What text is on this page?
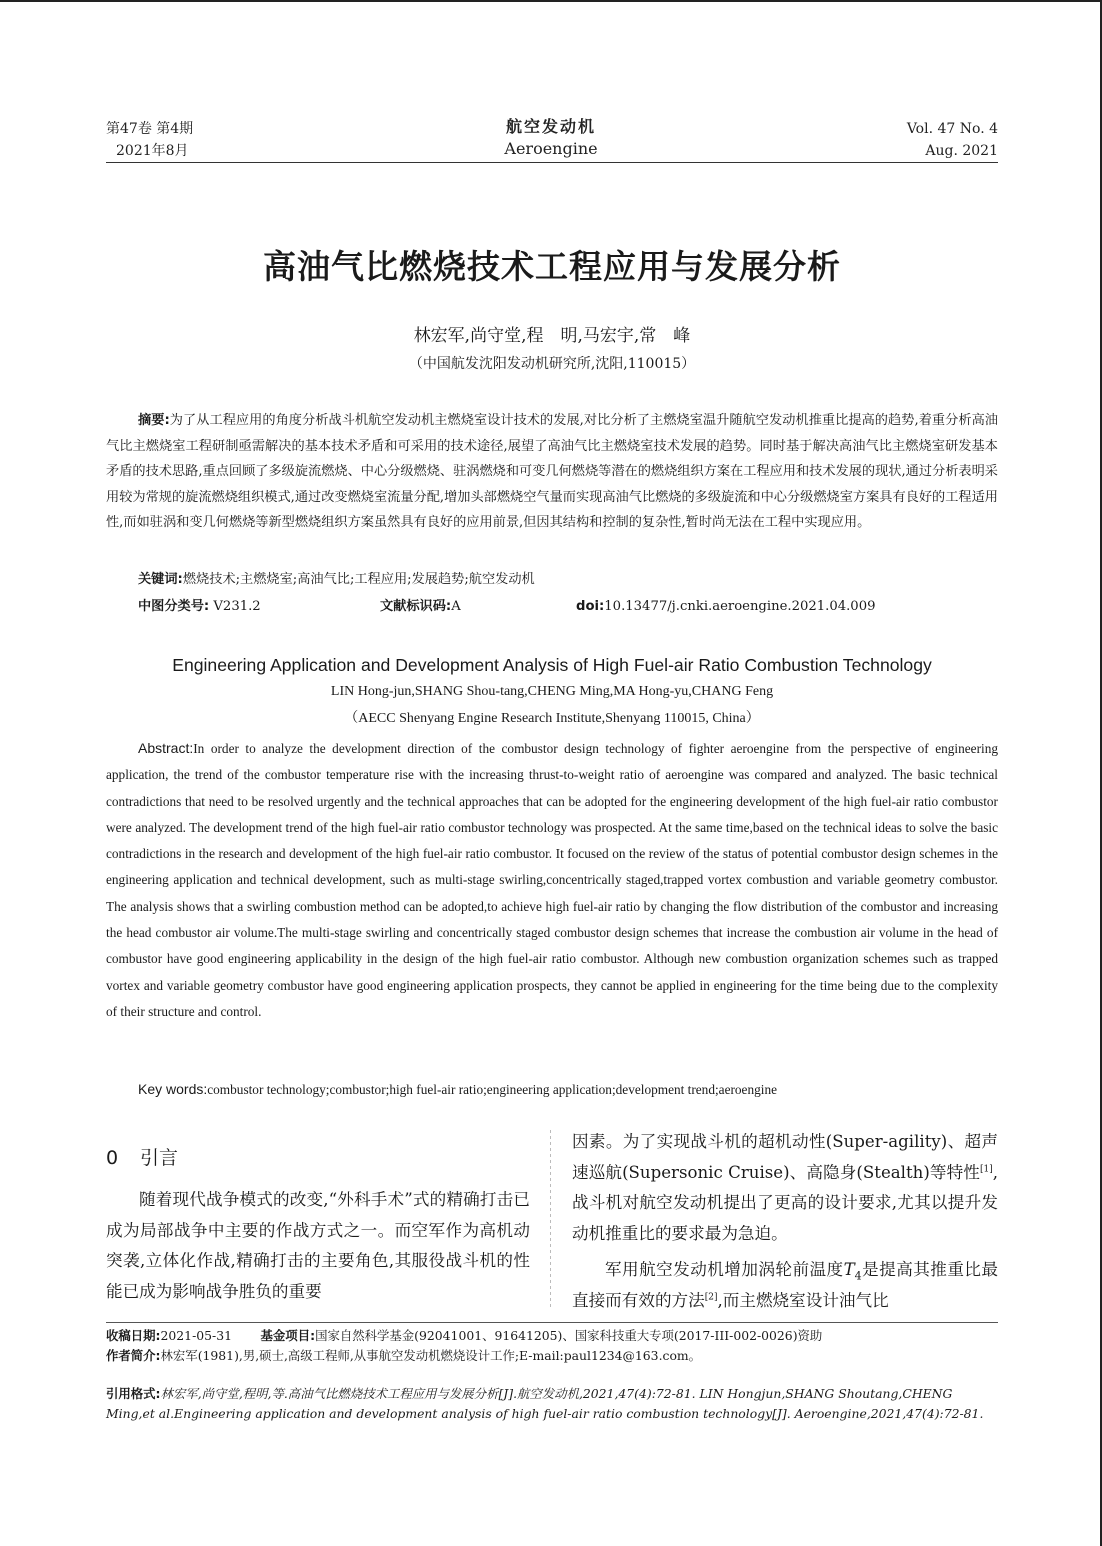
第47卷 第4期
2021年8月
航空发动机
Aeroengine
Vol. 47 No. 4
Aug. 2021
高油气比燃烧技术工程应用与发展分析
林宏军,尚守堂,程　明,马宏宇,常　峰
（中国航发沈阳发动机研究所,沈阳,110015）
摘要:为了从工程应用的角度分析战斗机航空发动机主燃烧室设计技术的发展,对比分析了主燃烧室温升随航空发动机推重比提高的趋势,着重分析高油气比主燃烧室工程研制亟需解决的基本技术矛盾和可采用的技术途径,展望了高油气比主燃烧室技术发展的趋势。同时基于解决高油气比主燃烧室研发基本矛盾的技术思路,重点回顾了多级旋流燃烧、中心分级燃烧、驻涡燃烧和可变几何燃烧等潜在的燃烧组织方案在工程应用和技术发展的现状,通过分析表明采用较为常规的旋流燃烧组织模式,通过改变燃烧室流量分配,增加头部燃烧空气量而实现高油气比燃烧的多级旋流和中心分级燃烧室方案具有良好的工程适用性,而如驻涡和变几何燃烧等新型燃烧组织方案虽然具有良好的应用前景,但因其结构和控制的复杂性,暂时尚无法在工程中实现应用。
关键词:燃烧技术;主燃烧室;高油气比;工程应用;发展趋势;航空发动机
中图分类号: V231.2	文献标识码:A	doi:10.13477/j.cnki.aeroengine.2021.04.009
Engineering Application and Development Analysis of High Fuel-air Ratio Combustion Technology
LIN Hong-jun,SHANG Shou-tang,CHENG Ming,MA Hong-yu,CHANG Feng
（AECC Shenyang Engine Research Institute,Shenyang 110015, China）
Abstract:In order to analyze the development direction of the combustor design technology of fighter aeroengine from the perspective of engineering application, the trend of the combustor temperature rise with the increasing thrust-to-weight ratio of aeroengine was compared and analyzed. The basic technical contradictions that need to be resolved urgently and the technical approaches that can be adopted for the engineering development of the high fuel-air ratio combustor were analyzed. The development trend of the high fuel-air ratio combustor technology was prospected. At the same time,based on the technical ideas to solve the basic contradictions in the research and development of the high fuel-air ratio combustor. It focused on the review of the status of potential combustor design schemes in the engineering application and technical development, such as multi-stage swirling,concentrically staged,trapped vortex combustion and variable geometry combustor. The analysis shows that a swirling combustion method can be adopted,to achieve high fuel-air ratio by changing the flow distribution of the combustor and increasing the head combustor air volume.The multi-stage swirling and concentrically staged combustor design schemes that increase the combustion air volume in the head of combustor have good engineering applicability in the design of the high fuel-air ratio combustor. Although new combustion organization schemes such as trapped vortex and variable geometry combustor have good engineering application prospects, they cannot be applied in engineering for the time being due to the complexity of their structure and control.
Key words:combustor technology;combustor;high fuel-air ratio;engineering application;development trend;aeroengine
0 引言

随着现代战争模式的改变,“外科手术”式的精确打击已成为局部战争中主要的作战方式之一。而空军作为高机动突袭,立体化作战,精确打击的主要角色,其服役战斗机的性能已成为影响战争胜负的重要

因素。为了实现战斗机的超机动性(Super-agility)、超声速巡航(Supersonic Cruise)、高隐身(Stealth)等特性[1],战斗机对航空发动机提出了更高的设计要求,尤其以提升发动机推重比的要求最为急迫。

军用航空发动机增加涡轮前温度$T_4$是提高其推重比最直接而有效的方法[2],而主燃烧室设计油气比

收稿日期:2021-05-31 基金项目:国家自然科学基金(92041001、91641205)、国家科技重大专项(2017-III-002-0026)资助
作者简介:林宏军(1981),男,硕士,高级工程师,从事航空发动机燃烧设计工作;E-mail:paul1234@163.com。
引用格式:林宏军,尚守堂,程明,等.高油气比燃烧技术工程应用与发展分析[J].航空发动机,2021,47(4):72-81. LIN Hongjun,SHANG Shoutang,CHENG Ming,et al.Engineering application and development analysis of high fuel-air ratio combustion technology[J]. Aeroengine,2021,47(4):72-81.
